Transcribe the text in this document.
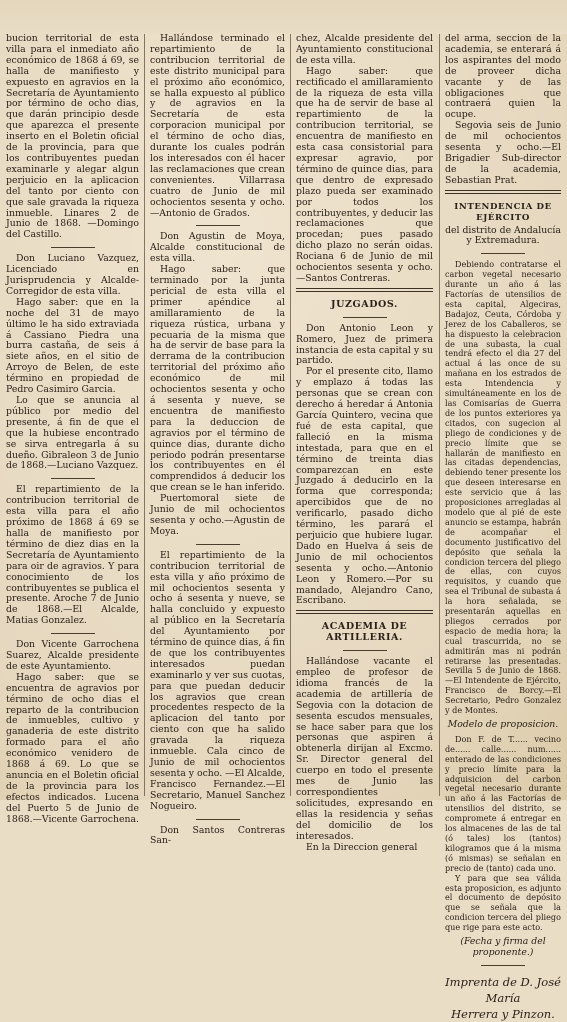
bucion territorial de esta villa para el inmediato año económico de 1868 á 69, se halla de manifiesto y expuesto en agravios en la Secretaría de Ayuntamiento por término de ocho dias, que darán principio desde que aparezca el presente inserto en el Boletin oficial de la provincia, para que los contribuyentes puedan examinarle y alegar algun perjuicio en la aplicacion del tanto por ciento con que sale gravada la riqueza inmueble. Linares 2 de Junio de 1868. —Domingo del Castillo.

Don Luciano Vazquez, Licenciado en Jurisprudencia y Alcalde-Corregidor de esta villa.

Hago saber: que en la noche del 31 de mayo último le ha sido extraviada á Cassiano Piedra una burra castaña, de seis á siete años, en el sitio de Arroyo de Belen, de este término en propiedad de Pedro Casimiro Garcia.

Lo que se anuncia al público por medio del presente, á fin de que el que la hubiese encontrado se sirva entregarla á su dueño. Gibraleon 3 de Junio de 1868.—Luciano Vazquez.

El repartimiento de la contribucion territorial de esta villa para el año próximo de 1868 á 69 se halla de manifiesto por término de diez dias en la Secretaría de Ayuntamiento para oir de agravios. Y para conocimiento de los contribuyentes se publica el presente. Aroche 7 de Junio de 1868.—El Alcalde, Matias Gonzalez.

Don Vicente Garrochena Suarez, Alcalde presidente de este Ayuntamiento.

Hago saber: que se encuentra de agravios por término de ocho dias el reparto de la contribucion de inmuebles, cultivo y ganaderia de este distrito formado para el año económico venidero de 1868 á 69. Lo que se anuncia en el Boletin oficial de la provincia para los efectos indicados. Lucena del Puerto 5 de Junio de 1868.—Vicente Garrochena.

Hallándose terminado el repartimiento de la contribucion territorial de este distrito municipal para el próximo año económico, se halla expuesto al público y de agravios en la Secretaría de esta corporacion municipal por el término de ocho dias, durante los cuales podrán los interesados con él hacer las reclamaciones que crean convenientes. Villarrasa cuatro de Junio de mil ochocientos sesenta y ocho.—Antonio de Grados.

Don Agustin de Moya, Alcalde constitucional de esta villa.

Hago saber: que terminado por la junta pericial de esta villa el primer apéndice al amillaramiento de la riqueza rústica, urbana y pecuaria de la misma que ha de servir de base para la derrama de la contribucion territorial del próximo año económico de mil ochocientos sesenta y ocho á sesenta y nueve, se encuentra de manifiesto para la deduccion de agravios por el término de quince dias, durante dicho periodo podrán presentarse los contribuyentes en él comprendidos á deducir los que crean se le han inferido.

Puertomoral siete de Junio de mil ochocientos sesenta y ocho.—Agustin de Moya.

El repartimiento de la contribucion territorial de esta villa y año próximo de mil ochocientos sesenta y ocho á sesenta y nueve, se halla concluido y expuesto al público en la Secretaría del Ayuntamiento por término de quince dias, á fin de que los contribuyentes interesados puedan examinarlo y ver sus cuotas, para que puedan deducir los agravios que crean procedentes respecto de la aplicacion del tanto por ciento con que ha salido gravada la riqueza inmueble. Cala cinco de Junio de mil ochocientos sesenta y ocho. —El Alcalde, Francisco Fernandez.—El Secretario, Manuel Sanchez Nogueiro.

Don Santos Contreras San-

chez, Alcalde presidente del Ayuntamiento constitucional de esta villa.

Hago saber: que rectificado el amillaramiento de la riqueza de esta villa que ha de servir de base al repartimiento de la contribucion territorial, se encuentra de manifiesto en esta casa consistorial para expresar agravio, por término de quince dias, para que dentro de expresado plazo pueda ser examinado por todos los contribuyentes, y deducir las reclamaciones que procedan; pues pasado dicho plazo no serán oidas. Rociana 6 de Junio de mil ochocientos sesenta y ocho. —Santos Contreras.

JUZGADOS.

Don Antonio Leon y Romero, Juez de primera instancia de esta capital y su partido.

Por el presente cito, llamo y emplazo á todas las personas que se crean con derecho á heredar á Antonia García Quintero, vecina que fué de esta capital, que falleció en la misma intestada, para que en el término de treinta dias comparezcan en este Juzgado á deducirlo en la forma que corresponda; apercibidos que de no verificarlo, pasado dicho término, les parará el perjuicio que hubiere lugar. Dado en Huelva á seis de Junio de mil ochocientos sesenta y ocho.—Antonio Leon y Romero.—Por su mandado, Alejandro Cano, Escribano.

ACADEMIA DE ARTILLERIA.

Hallándose vacante el empleo de profesor de idioma francés de la academia de artillería de Segovia con la dotacion de sesenta escudos mensuales, se hace saber para que los personas que aspiren á obtenerla dirijan al Excmo. Sr. Director general del cuerpo en todo el presente mes de Junio las correspondientes solicitudes, expresando en ellas la residencia y señas del domicilio de los interesados.

En la Direccion general

del arma, seccion de la academia, se enterará á los aspirantes del modo de proveer dicha vacante y de las obligaciones que contraerá quien la ocupe.

Segovia seis de Junio de mil ochocientos sesenta y ocho.—El Brigadier Sub-director de la academia, Sebastian Prat.

INTENDENCIA DE EJÉRCITO
del distrito de Andalucía y Extremadura.

Debiendo contratarse el carbon vegetal necesario durante un año á las Factorías de utensilios de esta capital, Algeciras, Badajoz, Ceuta, Córdoba y Jerez de los Caballeros, se ha dispuesto la celebracion de una subasta, la cual tendrá efecto el dia 27 del actual á las once de su mañana en los estrados de esta Intendencia y simultáneamente en los de las Comisarías de Guerra de los puntos exteriores ya citados, con sugecion al pliego de condiciones y de precio límite que se hallarán de manifiesto en las citadas dependencias, debiendo tener presente los que deseen interesarse en este servicio que á las proposiciones arregladas al modelo que al pié de este anuncio se estampa, habrán de acompañar el documento justificativo del depósito que señala la condicion tercera del pliego de ellas, con cuyos requisitos, y cuando que sea el Tribunal de subasta á la hora señalada, se presentarán aquellas en pliegos cerrados por espacio de media hora; la cual trascurrida, no se admitirán mas ni podrán retirarse las presentadas. Sevilla 5 de Junio de 1868.—El Intendente de Ejército, Francisco de Borcy.—El Secretario, Pedro Gonzalez y de Montes.

Modelo de proposicion.

Don F. de T...... vecino de...... calle...... num...... enterado de las condiciones y precio límite para la adquisicion del carbon vegetal necesario durante un año á las Factorías de utensilios del distrito, se compromete á entregar en los almacenes de las de tal (ó tales) los (tantos) kilogramos que á la misma (ó mismas) se señalan en precio de (tanto) cada uno.

Y para que sea válida esta proposicion, es adjunto el documento de depósito que se señala que la condicion tercera del pliego que rige para este acto.

(Fecha y firma del proponente.)
Imprenta de D. José María
Herrera y Pinzon.
